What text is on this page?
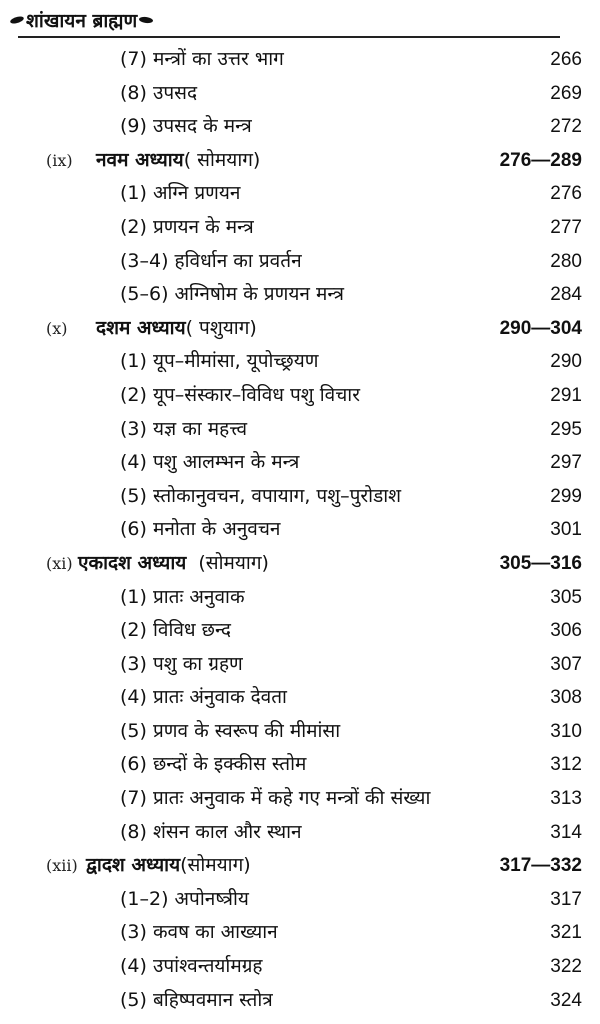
शांखायन ब्राह्मण
(7) मन्त्रों का उत्तर भाग	266
(8) उपसद	269
(9) उपसद के मन्त्र	272
(ix) नवम अध्याय( सोमयाग)	276—289
(1) अग्नि प्रणयन	276
(2) प्रणयन के मन्त्र	277
(3–4) हविर्धान का प्रवर्तन	280
(5–6) अग्निषोम के प्रणयन मन्त्र	284
(x) दशम अध्याय( पशुयाग)	290—304
(1) यूप–मीमांसा, यूपोच्छ्रयण	290
(2) यूप–संस्कार–विविध पशु विचार	291
(3) यज्ञ का महत्त्व	295
(4) पशु आलम्भन के मन्त्र	297
(5) स्तोकानुवचन, वपायाग, पशु–पुरोडाश	299
(6) मनोता के अनुवचन	301
(xi) एकादश अध्याय  (सोमयाग)	305—316
(1) प्रातः अनुवाक	305
(2) विविध छन्द	306
(3) पशु का ग्रहण	307
(4) प्रातः अंनुवाक देवता	308
(5) प्रणव के स्वरूप की मीमांसा	310
(6) छन्दों के इक्कीस स्तोम	312
(7) प्रातः अनुवाक में कहे गए मन्त्रों की संख्या	313
(8) शंसन काल और स्थान	314
(xii) द्वादश अध्याय(सोमयाग)	317—332
(1–2) अपोनष्त्रीय	317
(3) कवष का आख्यान	321
(4) उपांश्वन्तर्यामग्रह	322
(5) बहिष्पवमान स्तोत्र	324
